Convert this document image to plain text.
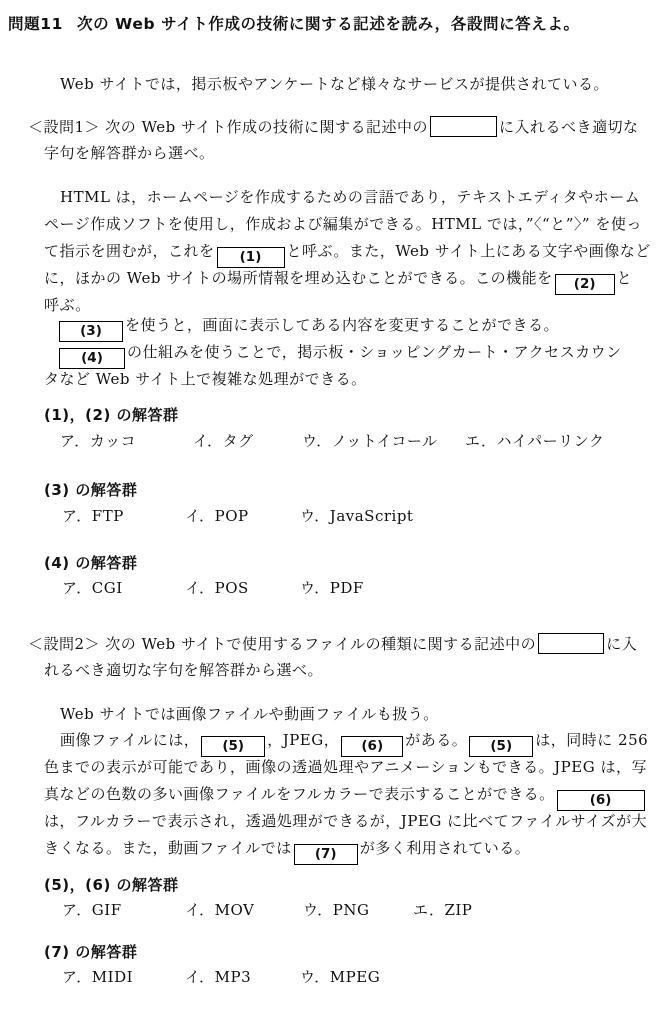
問題11 次の Web サイト作成の技術に関する記述を読み，各設問に答えよ。
Web サイトでは，掲示板やアンケートなど様々なサービスが提供されている。
＜設問1＞ 次の Web サイト作成の技術に関する記述中の	に入れるべき適切な
字句を解答群から選べ。
HTML は，ホームページを作成するための言語であり，テキストエディタやホーム
ページ作成ソフトを使用し，作成および編集ができる。HTML では，”〈“と”〉” を使っ
て指示を囲むが，これを (1) と呼ぶ。また，Web サイト上にある文字や画像など
に，ほかの Web サイトの場所情報を埋め込むことができる。この機能を (2) と
呼ぶ。
(3) を使うと，画面に表示してある内容を変更することができる。
(4) の仕組みを使うことで，掲示板・ショッピングカート・アクセスカウン
タなど Web サイト上で複雑な処理ができる。
(1)，(2) の解答群
ア．カッコ	イ．タグ	ウ．ノットイコール エ．ハイパーリンク
(3) の解答群
ア．FTP	イ．POP	ウ．JavaScript
(4) の解答群
ア．CGI	イ．POS	ウ．PDF
＜設問2＞ 次の Web サイトで使用するファイルの種類に関する記述中の	に入
れるべき適切な字句を解答群から選べ。
Web サイトでは画像ファイルや動画ファイルも扱う。
画像ファイルには， (5) ，JPEG， (6) がある。 (5) は，同時に 256
色までの表示が可能であり，画像の透過処理やアニメーションもできる。JPEG は，写
真などの色数の多い画像ファイルをフルカラーで表示することができる。	(6)
は，フルカラーで表示され，透過処理ができるが，JPEG に比べてファイルサイズが大
きくなる。また，動画ファイルでは (7) が多く利用されている。
(5)，(6) の解答群
ア．GIF	イ．MOV	ウ．PNG	エ．ZIP
(7) の解答群
ア．MIDI	イ．MP3	ウ．MPEG
